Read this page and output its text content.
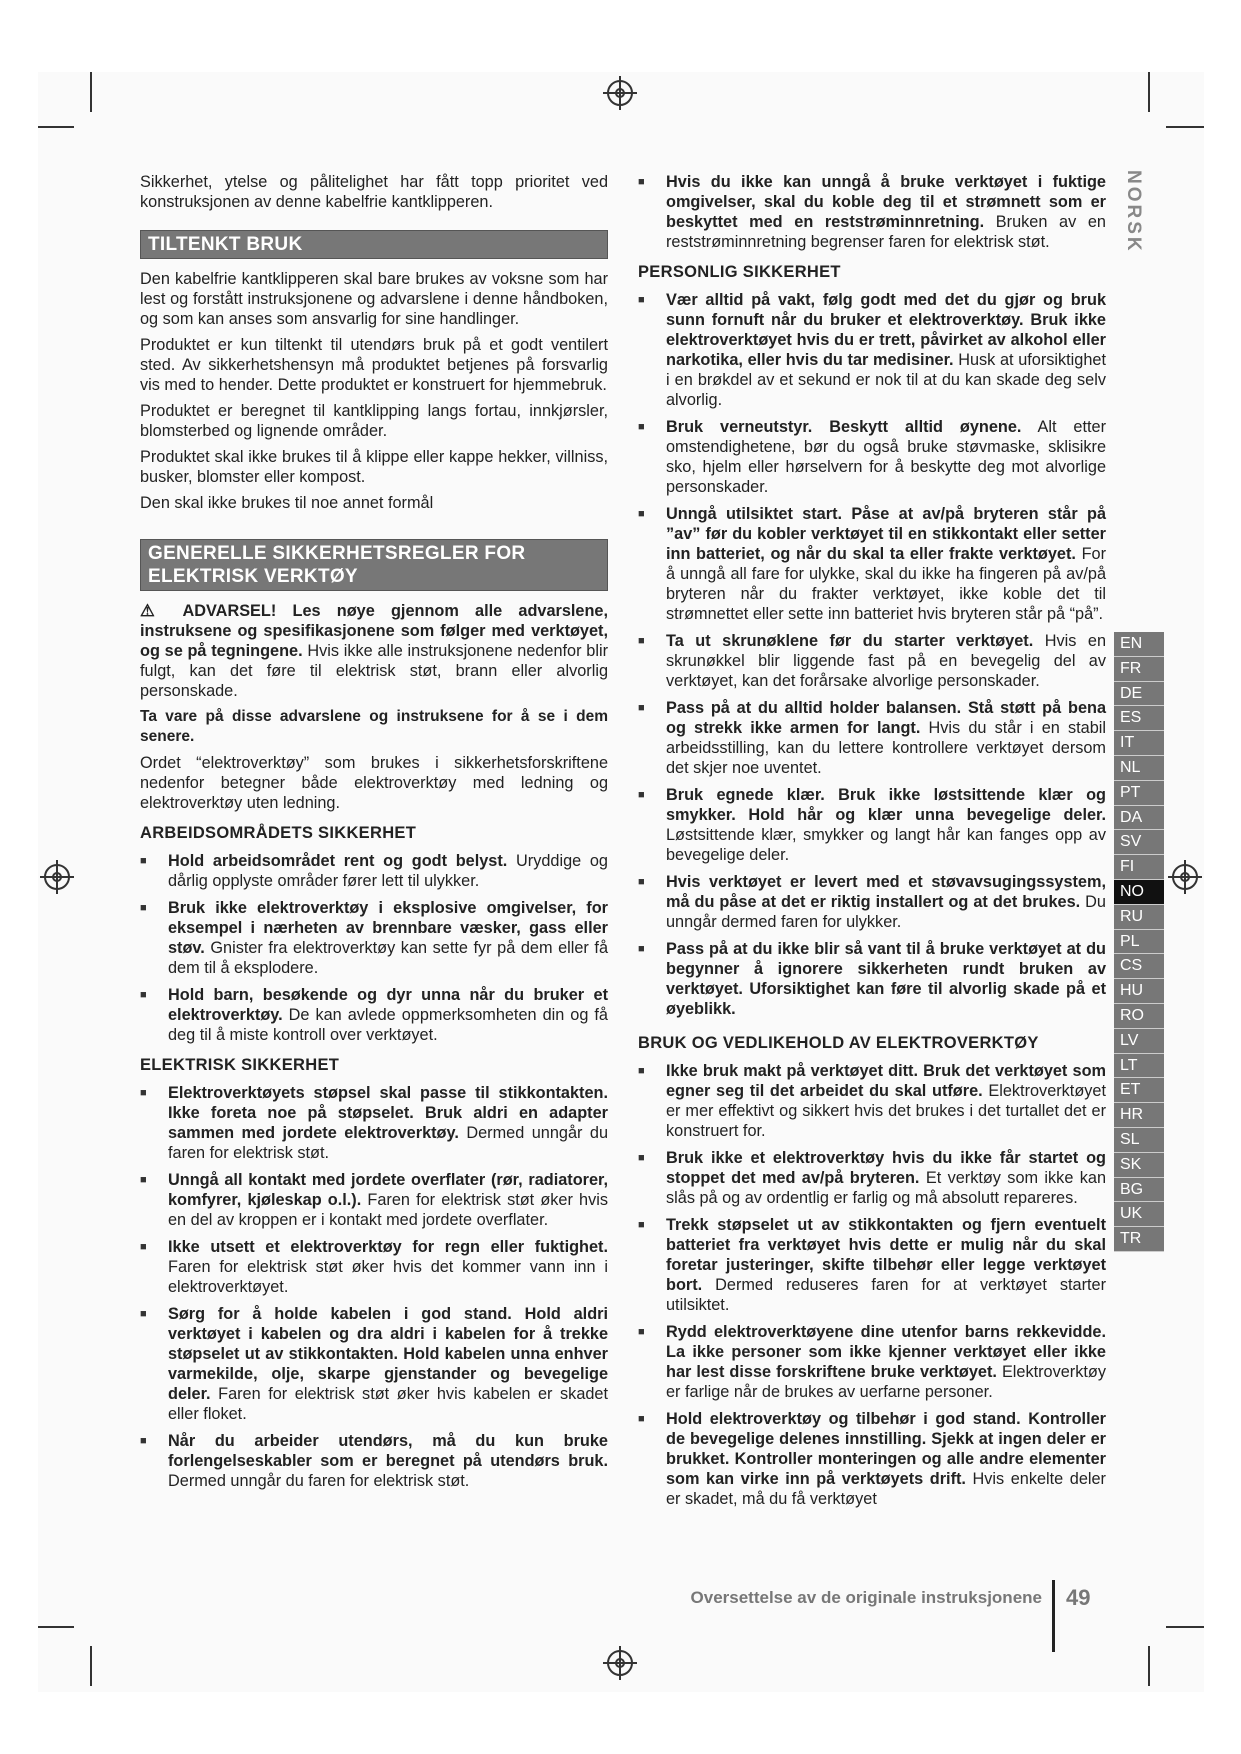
NORSK
EN
FR
DE
ES
IT
NL
PT
DA
SV
FI
NO
RU
PL
CS
HU
RO
LV
LT
ET
HR
SL
SK
BG
UK
TR

Sikkerhet, ytelse og pålitelighet har fått topp prioritet ved konstruksjonen av denne kabelfrie kantklipperen.

TILTENKT BRUK

Den kabelfrie kantklipperen skal bare brukes av voksne som har lest og forstått instruksjonene og advarslene i denne håndboken, og som kan anses som ansvarlig for sine handlinger.

Produktet er kun tiltenkt til utendørs bruk på et godt ventilert sted. Av sikkerhetshensyn må produktet betjenes på forsvarlig vis med to hender. Dette produktet er konstruert for hjemmebruk.

Produktet er beregnet til kantklipping langs fortau, innkjørsler, blomsterbed og lignende områder.

Produktet skal ikke brukes til å klippe eller kappe hekker, villniss, busker, blomster eller kompost.

Den skal ikke brukes til noe annet formål

GENERELLE SIKKERHETSREGLER FOR ELEKTRISK VERKTØY

⚠ ADVARSEL! Les nøye gjennom alle advarslene, instruksene og spesifikasjonene som følger med verktøyet, og se på tegningene. Hvis ikke alle instruksjonene nedenfor blir fulgt, kan det føre til elektrisk støt, brann eller alvorlig personskade.

Ta vare på disse advarslene og instruksene for å se i dem senere.

Ordet “elektroverktøy” som brukes i sikkerhetsforskriftene nedenfor betegner både elektroverktøy med ledning og elektroverktøy uten ledning.

ARBEIDSOMRÅDETS SIKKERHET
■ Hold arbeidsområdet rent og godt belyst. Uryddige og dårlig opplyste områder fører lett til ulykker.
■ Bruk ikke elektroverktøy i eksplosive omgivelser, for eksempel i nærheten av brennbare væsker, gass eller støv. Gnister fra elektroverktøy kan sette fyr på dem eller få dem til å eksplodere.
■ Hold barn, besøkende og dyr unna når du bruker et elektroverktøy. De kan avlede oppmerksomheten din og få deg til å miste kontroll over verktøyet.
ELEKTRISK SIKKERHET
■ Elektroverktøyets støpsel skal passe til stikkontakten. Ikke foreta noe på støpselet. Bruk aldri en adapter sammen med jordete elektroverktøy. Dermed unngår du faren for elektrisk støt.
■ Unngå all kontakt med jordete overflater (rør, radiatorer, komfyrer, kjøleskap o.l.). Faren for elektrisk støt øker hvis en del av kroppen er i kontakt med jordete overflater.
■ Ikke utsett et elektroverktøy for regn eller fuktighet. Faren for elektrisk støt øker hvis det kommer vann inn i elektroverktøyet.
■ Sørg for å holde kabelen i god stand. Hold aldri verktøyet i kabelen og dra aldri i kabelen for å trekke støpselet ut av stikkontakten. Hold kabelen unna enhver varmekilde, olje, skarpe gjenstander og bevegelige deler. Faren for elektrisk støt øker hvis kabelen er skadet eller floket.
■ Når du arbeider utendørs, må du kun bruke forlengelseskabler som er beregnet på utendørs bruk. Dermed unngår du faren for elektrisk støt.
■ Hvis du ikke kan unngå å bruke verktøyet i fuktige omgivelser, skal du koble deg til et strømnett som er beskyttet med en reststrøminnretning. Bruken av en reststrøminnretning begrenser faren for elektrisk støt.
PERSONLIG SIKKERHET
■ Vær alltid på vakt, følg godt med det du gjør og bruk sunn fornuft når du bruker et elektroverktøy. Bruk ikke elektroverktøyet hvis du er trett, påvirket av alkohol eller narkotika, eller hvis du tar medisiner. Husk at uforsiktighet i en brøkdel av et sekund er nok til at du kan skade deg selv alvorlig.
■ Bruk verneutstyr. Beskytt alltid øynene. Alt etter omstendighetene, bør du også bruke støvmaske, sklisikre sko, hjelm eller hørselvern for å beskytte deg mot alvorlige personskader.
■ Unngå utilsiktet start. Påse at av/på bryteren står på ”av” før du kobler verktøyet til en stikkontakt eller setter inn batteriet, og når du skal ta eller frakte verktøyet. For å unngå all fare for ulykke, skal du ikke ha fingeren på av/på bryteren når du frakter verktøyet, ikke koble det til strømnettet eller sette inn batteriet hvis bryteren står på “på”.
■ Ta ut skrunøklene før du starter verktøyet. Hvis en skrunøkkel blir liggende fast på en bevegelig del av verktøyet, kan det forårsake alvorlige personskader.
■ Pass på at du alltid holder balansen. Stå støtt på bena og strekk ikke armen for langt. Hvis du står i en stabil arbeidsstilling, kan du lettere kontrollere verktøyet dersom det skjer noe uventet.
■ Bruk egnede klær. Bruk ikke løstsittende klær og smykker. Hold hår og klær unna bevegelige deler. Løstsittende klær, smykker og langt hår kan fanges opp av bevegelige deler.
■ Hvis verktøyet er levert med et støvavsugingssystem, må du påse at det er riktig installert og at det brukes. Du unngår dermed faren for ulykker.
■ Pass på at du ikke blir så vant til å bruke verktøyet at du begynner å ignorere sikkerheten rundt bruken av verktøyet. Uforsiktighet kan føre til alvorlig skade på et øyeblikk.
BRUK OG VEDLIKEHOLD AV ELEKTROVERKTØY
■ Ikke bruk makt på verktøyet ditt. Bruk det verktøyet som egner seg til det arbeidet du skal utføre. Elektroverktøyet er mer effektivt og sikkert hvis det brukes i det turtallet det er konstruert for.
■ Bruk ikke et elektroverktøy hvis du ikke får startet og stoppet det med av/på bryteren. Et verktøy som ikke kan slås på og av ordentlig er farlig og må absolutt repareres.
■ Trekk støpselet ut av stikkontakten og fjern eventuelt batteriet fra verktøyet hvis dette er mulig når du skal foretar justeringer, skifte tilbehør eller legge verktøyet bort. Dermed reduseres faren for at verktøyet starter utilsiktet.
■ Rydd elektroverktøyene dine utenfor barns rekkevidde. La ikke personer som ikke kjenner verktøyet eller ikke har lest disse forskriftene bruke verktøyet. Elektroverktøy er farlige når de brukes av uerfarne personer.
■ Hold elektroverktøy og tilbehør i god stand. Kontroller de bevegelige delenes innstilling. Sjekk at ingen deler er brukket. Kontroller monteringen og alle andre elementer som kan virke inn på verktøyets drift. Hvis enkelte deler er skadet, må du få verktøyet
Oversettelse av de originale instruksjonene 49
